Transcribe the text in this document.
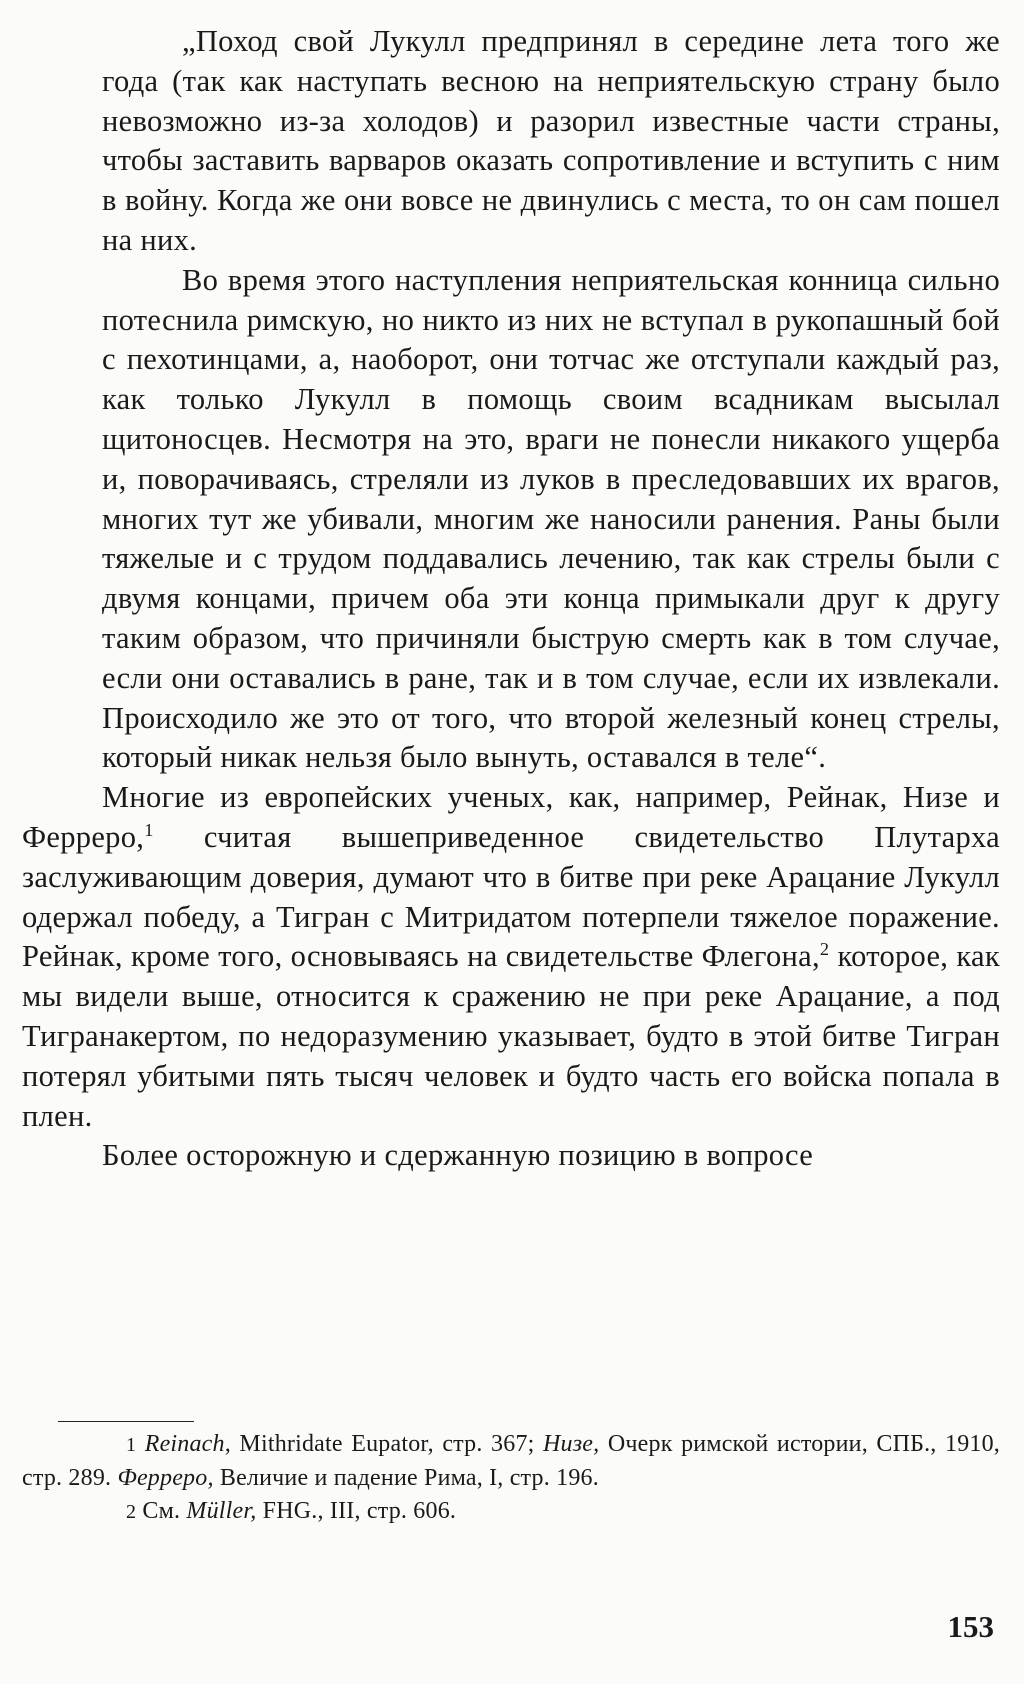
„Поход свой Лукулл предпринял в середине лета того же года (так как наступать весною на неприятельскую страну было невозможно из-за холодов) и разорил известные части страны, чтобы заставить варваров оказать сопротивление и вступить с ним в войну. Когда же они вовсе не двинулись с места, то он сам пошел на них.

Во время этого наступления неприятельская конница сильно потеснила римскую, но никто из них не вступал в рукопашный бой с пехотинцами, а, наоборот, они тотчас же отступали каждый раз, как только Лукулл в помощь своим всадникам высылал щитоносцев. Несмотря на это, враги не понесли никакого ущерба и, поворачиваясь, стреляли из луков в преследовавших их врагов, многих тут же убивали, многим же наносили ранения. Раны были тяжелые и с трудом поддавались лечению, так как стрелы были с двумя концами, причем оба эти конца примыкали друг к другу таким образом, что причиняли быструю смерть как в том случае, если они оставались в ране, так и в том случае, если их извлекали. Происходило же это от того, что второй железный конец стрелы, который никак нельзя было вынуть, оставался в теле“.

Многие из европейских ученых, как, например, Рейнак, Низе и Ферреро,$^1$ считая вышеприведенное свидетельство Плутарха заслуживающим доверия, думают что в битве при реке Арацание Лукулл одержал победу, а Тигран с Митридатом потерпели тяжелое поражение. Рейнак, кроме того, основываясь на свидетельстве Флегона,$^2$ которое, как мы видели выше, относится к сражению не при реке Арацание, а под Тигранакертом, по недоразумению указывает, будто в этой битве Тигран потерял убитыми пять тысяч человек и будто часть его войска попала в плен.

Более осторожную и сдержанную позицию в вопросе

1 Reinach, Mithridate Eupator, стр. 367; Низе, Очерк римской истории, СПБ., 1910, стр. 289. Ферреро, Величие и падение Рима, I, стр. 196.

2 См. Müller, FHG., III, стр. 606.

153
